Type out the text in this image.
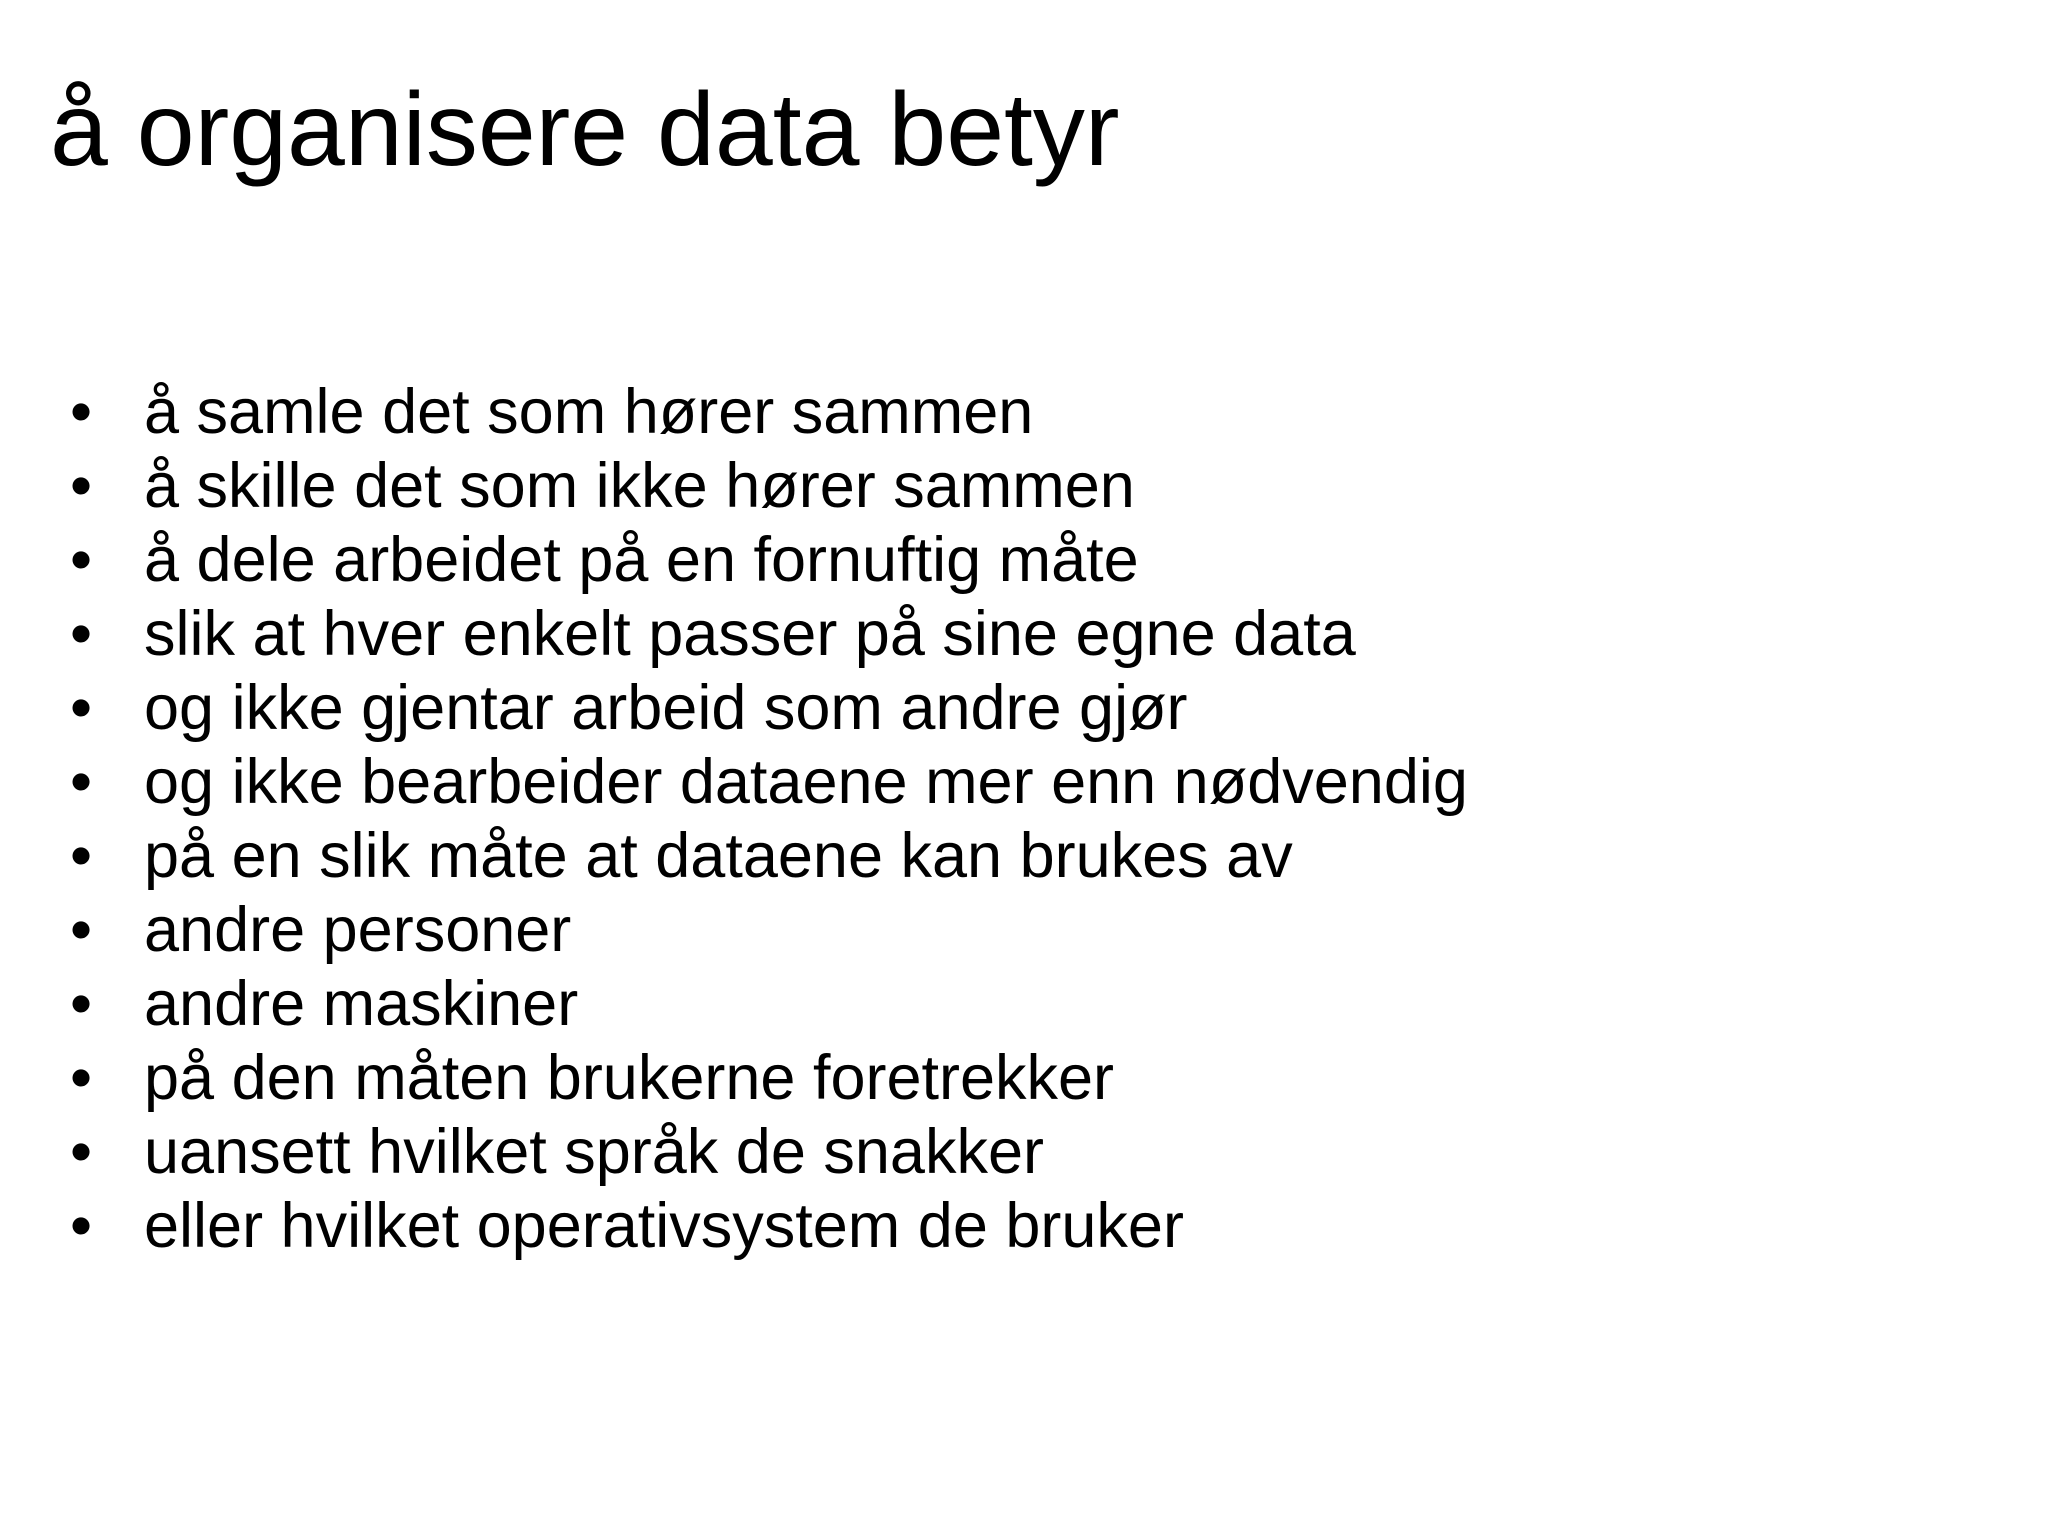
å organisere data betyr
• å samle det som hører sammen
• å skille det som ikke hører sammen
• å dele arbeidet på en fornuftig måte
• slik at hver enkelt passer på sine egne data
• og ikke gjentar arbeid som andre gjør
• og ikke bearbeider dataene mer enn nødvendig
• på en slik måte at dataene kan brukes av
• andre personer
• andre maskiner
• på den måten brukerne foretrekker
• uansett hvilket språk de snakker
• eller hvilket operativsystem de bruker
